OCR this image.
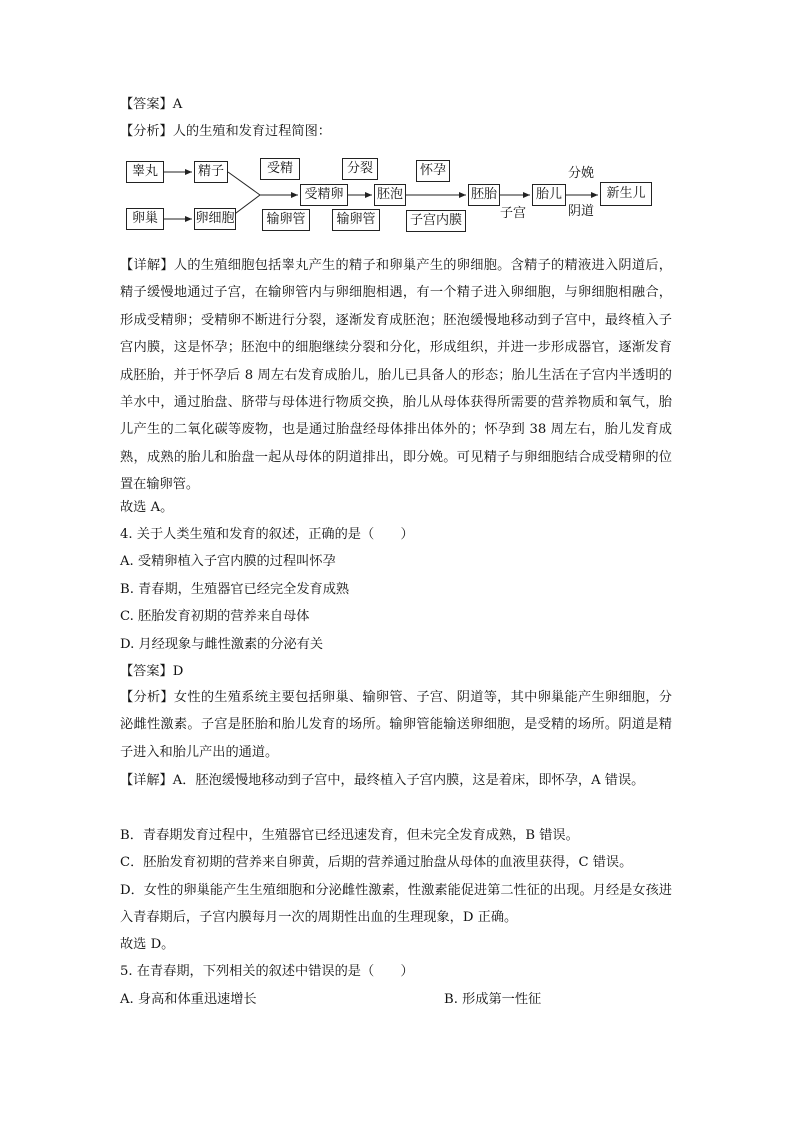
【答案】A
【分析】人的生殖和发育过程简图：
睾丸	精子
卵巢	卵细胞
受精
受精卵
输卵管
分裂
胚泡
输卵管
怀孕
子宫内膜
胚胎
子宫
胎儿
分娩
阴道
新生儿
【详解】人的生殖细胞包括睾丸产生的精子和卵巢产生的卵细胞。含精子的精液进入阴道后，精子缓慢地通过子宫，在输卵管内与卵细胞相遇，有一个精子进入卵细胞，与卵细胞相融合，形成受精卵；受精卵不断进行分裂，逐渐发育成胚泡；胚泡缓慢地移动到子宫中，最终植入子宫内膜，这是怀孕；胚泡中的细胞继续分裂和分化，形成组织，并进一步形成器官，逐渐发育成胚胎，并于怀孕后 8 周左右发育成胎儿，胎儿已具备人的形态；胎儿生活在子宫内半透明的羊水中，通过胎盘、脐带与母体进行物质交换，胎儿从母体获得所需要的营养物质和氧气，胎儿产生的二氧化碳等废物，也是通过胎盘经母体排出体外的；怀孕到 38 周左右，胎儿发育成熟，成熟的胎儿和胎盘一起从母体的阴道排出，即分娩。可见精子与卵细胞结合成受精卵的位置在输卵管。
故选 A。
4. 关于人类生殖和发育的叙述，正确的是（　　）
A. 受精卵植入子宫内膜的过程叫怀孕
B. 青春期，生殖器官已经完全发育成熟
C. 胚胎发育初期的营养来自母体
D. 月经现象与雌性激素的分泌有关
【答案】D
【分析】女性的生殖系统主要包括卵巢、输卵管、子宫、阴道等，其中卵巢能产生卵细胞，分泌雌性激素。子宫是胚胎和胎儿发育的场所。输卵管能输送卵细胞，是受精的场所。阴道是精子进入和胎儿产出的通道。
【详解】A．胚泡缓慢地移动到子宫中，最终植入子宫内膜，这是着床，即怀孕，A 错误。
B．青春期发育过程中，生殖器官已经迅速发育，但未完全发育成熟，B 错误。
C．胚胎发育初期的营养来自卵黄，后期的营养通过胎盘从母体的血液里获得，C 错误。
D．女性的卵巢能产生生殖细胞和分泌雌性激素，性激素能促进第二性征的出现。月经是女孩进入青春期后，子宫内膜每月一次的周期性出血的生理现象，D 正确。
故选 D。
5. 在青春期，下列相关的叙述中错误的是（　　）
A. 身高和体重迅速增长	B. 形成第一性征
